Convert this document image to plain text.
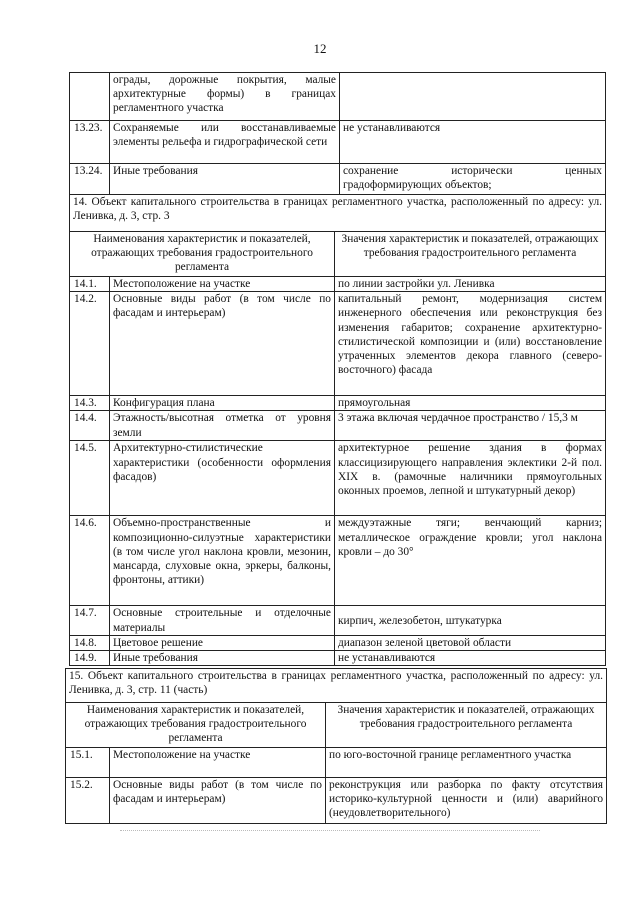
12
	ограды, дорожные покрытия, малые архитектурные формы) в границах регламентного участка	
13.23.	Сохраняемые или восстанавливаемые элементы рельефа и гидрографической сети	не устанавливаются
13.24.	Иные требования	сохранение исторически ценных градоформирующих объектов;
14. Объект капитального строительства в границах регламентного участка, расположенный по адресу: ул. Ленивка, д. 3, стр. 3		
Наименования характеристик и показателей, отражающих требования градостроительного регламента		Значения характеристик и показателей, отражающих требования градостроительного регламента
14.1.	Местоположение на участке	по линии застройки ул. Ленивка
14.2.	Основные виды работ (в том числе по фасадам и интерьерам)	капитальный ремонт, модернизация систем инженерного обеспечения или реконструкция без изменения габаритов; сохранение архитектурно-стилистической композиции и (или) восстановление утраченных элементов декора главного (северо-восточного) фасада
14.3.	Конфигурация плана	прямоугольная
14.4.	Этажность/высотная отметка от уровня земли	3 этажа включая чердачное пространство / 15,3 м
14.5.	Архитектурно-стилистические характеристики (особенности оформления фасадов)	архитектурное решение здания в формах классицизирующего направления эклектики 2-й пол. XIX в. (рамочные наличники прямоугольных оконных проемов, лепной и штукатурный декор)
14.6.	Объемно-пространственные и композиционно-силуэтные характеристики (в том числе угол наклона кровли, мезонин, мансарда, слуховые окна, эркеры, балконы, фронтоны, аттики)	междуэтажные тяги; венчающий карниз; металлическое ограждение кровли; угол наклона кровли – до 30°
14.7.	Основные строительные и отделочные материалы	кирпич, железобетон, штукатурка
14.8.	Цветовое решение	диапазон зеленой цветовой области
14.9.	Иные требования	не устанавливаются
15. Объект капитального строительства в границах регламентного участка, расположенный по адресу: ул. Ленивка, д. 3, стр. 11 (часть)		
Наименования характеристик и показателей, отражающих требования градостроительного регламента		Значения характеристик и показателей, отражающих требования градостроительного регламента
15.1.	Местоположение на участке	по юго-восточной границе регламентного участка
15.2.	Основные виды работ (в том числе по фасадам и интерьерам)	реконструкция или разборка по факту отсутствия историко-культурной ценности и (или) аварийного (неудовлетворительного)
